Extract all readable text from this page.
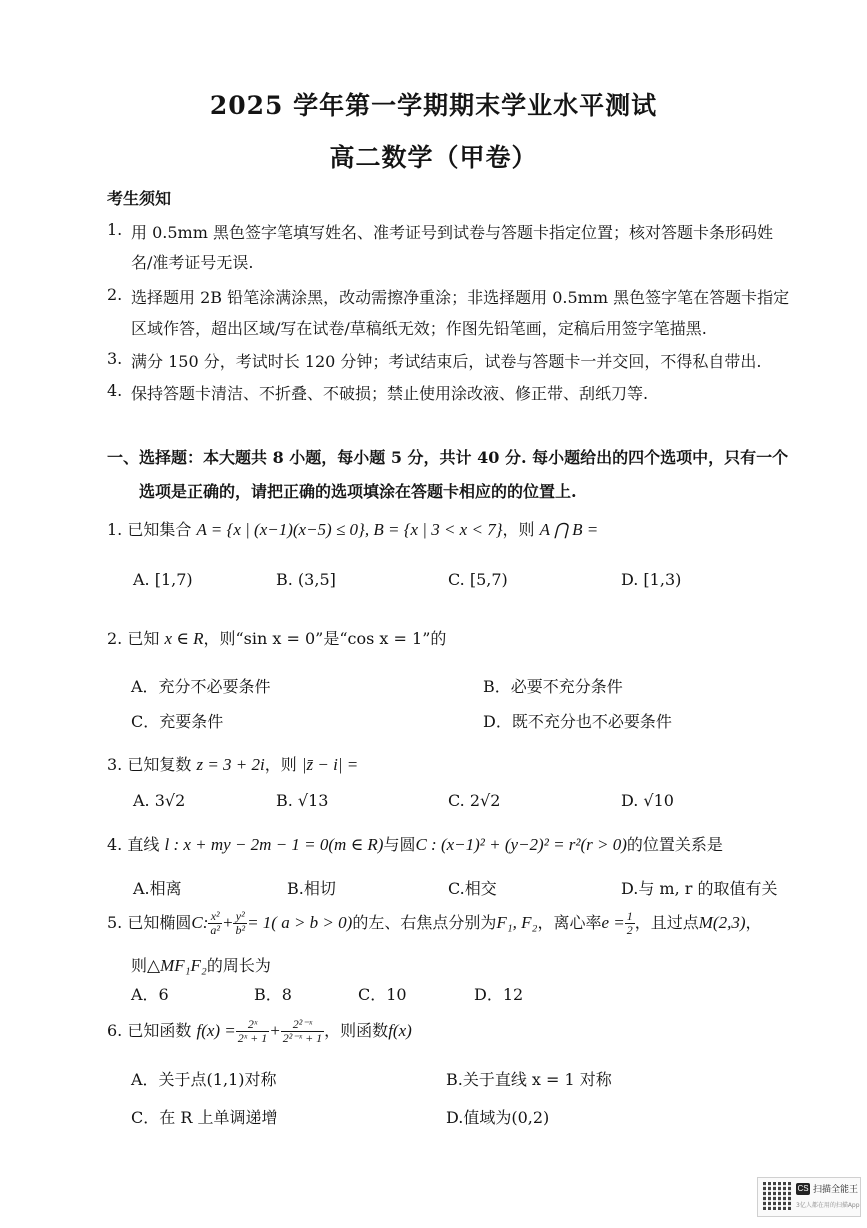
2025 学年第一学期期末学业水平测试
高二数学（甲卷）
考生须知
1. 用 0.5mm 黑色签字笔填写姓名、准考证号到试卷与答题卡指定位置；核对答题卡条形码姓
名/准考证号无误.
2. 选择题用 2B 铅笔涂满涂黑，改动需擦净重涂；非选择题用 0.5mm 黑色签字笔在答题卡指定
区域作答，超出区域/写在试卷/草稿纸无效；作图先铅笔画，定稿后用签字笔描黑.
3. 满分 150 分，考试时长 120 分钟；考试结束后，试卷与答题卡一并交回，不得私自带出.
4. 保持答题卡清洁、不折叠、不破损；禁止使用涂改液、修正带、刮纸刀等.
一、选择题：本大题共 8 小题，每小题 5 分，共计 40 分. 每小题给出的四个选项中，只有一个
选项是正确的，请把正确的选项填涂在答题卡相应的的位置上.
1. 已知集合 A = {x | (x−1)(x−5) ≤ 0}, B = {x | 3 < x < 7}，则 A ⋂ B =
A. [1,7)	B. (3,5]	C. [5,7)	D. [1,3)
2. 已知 x ∈ R，则“sin x = 0”是“cos x = 1”的
A．充分不必要条件	B．必要不充分条件
C．充要条件	D．既不充分也不必要条件
3. 已知复数 z = 3 + 2i，则 |z̄ − i| =
A. 3√2	B. √13	C. 2√2	D. √10
4. 直线 l : x + my − 2m − 1 = 0(m ∈ R)与圆C : (x−1)² + (y−2)² = r²(r > 0)的位置关系是
A.相离	B.相切	C.相交	D.与 m, r 的取值有关
5. 已知椭圆C: $\frac{\text{x²}}{\text{a²}} + \frac{\text{y²}}{\text{b²}} = 1$( a > b > 0)的左、右焦点分别为F₁, F₂，离心率$e = \frac{1}{2}$ ，且过点M(2,3)，
则△MF₁F₂的周长为
A．6	B．8	C．10	D．12
6. 已知函数 $f(x) = \frac{\text{2ˣ}}{\text{2ˣ + 1}} + \frac{\text{2²⁻ˣ}}{\text{2²⁻ˣ + 1}}$ ，则函数f(x)
A．关于点(1,1)对称	B.关于直线 x = 1 对称
C．在 R 上单调递增	D.值域为(0,2)
CS 扫描全能王
3亿人都在用的扫描App
